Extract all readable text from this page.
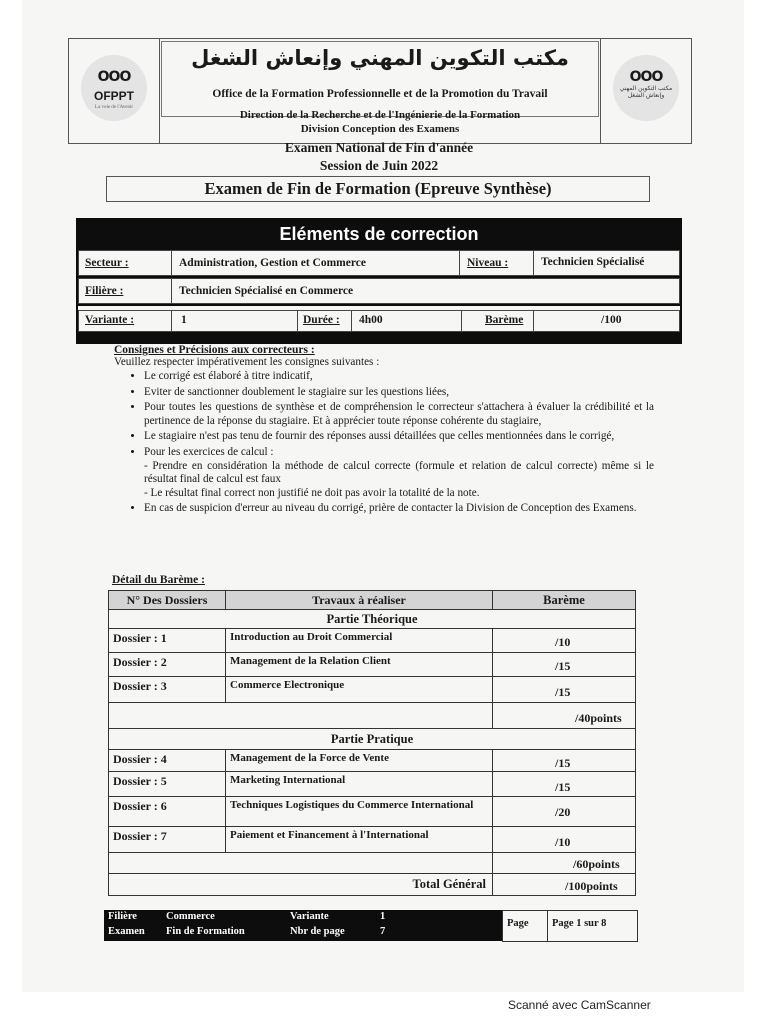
OOO
OFPPT
La voie de l'Avenir
مكتب التكوين المهني وإنعاش الشغل
Office de la Formation Professionnelle et de la Promotion du Travail
Direction de la Recherche et de l'Ingénierie de la Formation
Division Conception des Examens
OOO
مكتب التكوين المهني وإنعاش الشغل
Examen National de Fin d'année
Session de Juin 2022
Examen de Fin de Formation (Epreuve Synthèse)
Eléments de correction
Secteur :	Administration, Gestion et Commerce	Niveau :	Technicien Spécialisé
Filière :	Technicien Spécialisé en Commerce
Variante :	1	Durée : 4h00	Barème	/100
Consignes et Précisions aux correcteurs :
Veuillez respecter impérativement les consignes suivantes :
• Le corrigé est élaboré à titre indicatif,
• Eviter de sanctionner doublement le stagiaire sur les questions liées,
• Pour toutes les questions de synthèse et de compréhension le correcteur s'attachera à évaluer la crédibilité et la pertinence de la réponse du stagiaire. Et à apprécier toute réponse cohérente du stagiaire,
• Le stagiaire n'est pas tenu de fournir des réponses aussi détaillées que celles mentionnées dans le corrigé,
• Pour les exercices de calcul :
- Prendre en considération la méthode de calcul correcte (formule et relation de calcul correcte) même si le résultat final de calcul est faux
- Le résultat final correct non justifié ne doit pas avoir la totalité de la note.
• En cas de suspicion d'erreur au niveau du corrigé, prière de contacter la Division de Conception des Examens.
Détail du Barème :
N° Des Dossiers	Travaux à réaliser	Barème
Partie Théorique
Dossier : 1	Introduction au Droit Commercial	/10
Dossier : 2	Management de la Relation Client	/15
Dossier : 3	Commerce Electronique	/15
/40points
Partie Pratique
Dossier : 4	Management de la Force de Vente	/15
Dossier : 5	Marketing International	/15
Dossier : 6	Techniques Logistiques du Commerce International	/20
Dossier : 7	Paiement et Financement à l'International	/10
/60points
Total Général	/100points
Filière	Commerce	Variante	1
Examen	Fin de Formation	Nbr de page	7
Page	Page 1 sur 8
Scanné avec CamScanner
